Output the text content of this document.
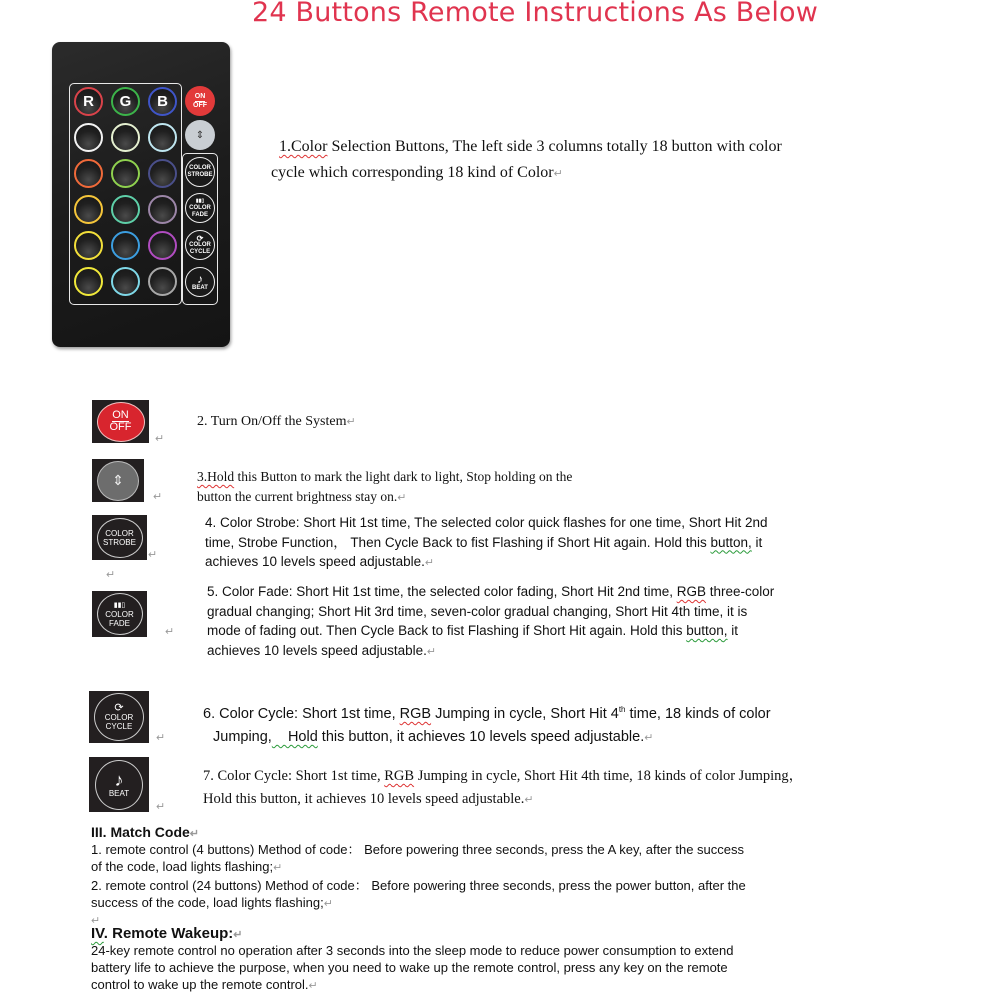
24 Buttons Remote Instructions As Below
R	G	B	ON
OFF
⇕
COLOR
STROBE
▮▮▯
COLOR
FADE
⟳
COLOR
CYCLE
♪
BEAT
1.Color Selection Buttons, The left side 3 columns totally 18 button with color
cycle which corresponding 18 kind of Color↵
ON
OFF
↵
2. Turn On/Off the System↵
⇕
↵
3.Hold this Button to mark the light dark to light, Stop holding on the
button the current brightness stay on.↵
COLOR
STROBE
↵
↵
4. Color Strobe: Short Hit 1st time, The selected color quick flashes for one time, Short Hit 2nd
time, Strobe Function， Then Cycle Back to fist Flashing if Short Hit again. Hold this button, it
achieves 10 levels speed adjustable.↵
▮▮▯
COLOR
FADE
↵
5. Color Fade: Short Hit 1st time, the selected color fading, Short Hit 2nd time, RGB three-color
gradual changing; Short Hit 3rd time, seven-color gradual changing, Short Hit 4th time, it is
mode of fading out. Then Cycle Back to fist Flashing if Short Hit again. Hold this button, it
achieves 10 levels speed adjustable.↵
⟳
COLOR
CYCLE
↵
6. Color Cycle: Short 1st time, RGB Jumping in cycle, Short Hit 4th time, 18 kinds of color
Jumping,    Hold this button, it achieves 10 levels speed adjustable.↵
♪
BEAT
↵
7. Color Cycle: Short 1st time, RGB Jumping in cycle, Short Hit 4th time, 18 kinds of color Jumping，
Hold this button, it achieves 10 levels speed adjustable.↵
III. Match Code↵
1. remote control (4 buttons) Method of code： Before powering three seconds, press the A key, after the success
of the code, load lights flashing;↵
2. remote control (24 buttons) Method of code： Before powering three seconds, press the power button, after the
success of the code, load lights flashing;↵
↵
IV. Remote Wakeup:↵
24-key remote control no operation after 3 seconds into the sleep mode to reduce power consumption to extend
battery life to achieve the purpose, when you need to wake up the remote control, press any key on the remote
control to wake up the remote control.↵
